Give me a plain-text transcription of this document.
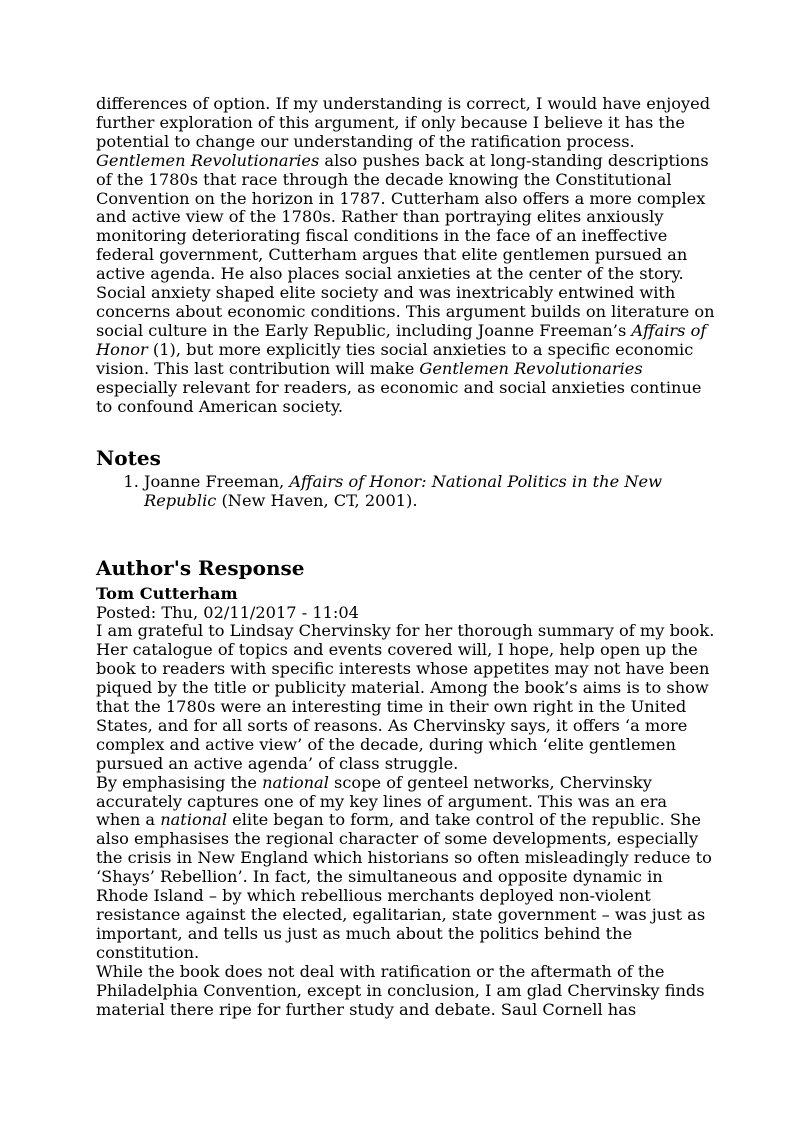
differences of option. If my understanding is correct, I would have enjoyed further exploration of this argument, if only because I believe it has the potential to change our understanding of the ratification process. Gentlemen Revolutionaries also pushes back at long-standing descriptions of the 1780s that race through the decade knowing the Constitutional Convention on the horizon in 1787. Cutterham also offers a more complex and active view of the 1780s. Rather than portraying elites anxiously monitoring deteriorating fiscal conditions in the face of an ineffective federal government, Cutterham argues that elite gentlemen pursued an active agenda. He also places social anxieties at the center of the story. Social anxiety shaped elite society and was inextricably entwined with concerns about economic conditions. This argument builds on literature on social culture in the Early Republic, including Joanne Freeman’s Affairs of Honor (1), but more explicitly ties social anxieties to a specific economic vision. This last contribution will make Gentlemen Revolutionaries especially relevant for readers, as economic and social anxieties continue to confound American society.

Notes
1. Joanne Freeman, Affairs of Honor: National Politics in the New Republic (New Haven, CT, 2001).
Author's Response
Tom Cutterham
Posted: Thu, 02/11/2017 - 11:04

I am grateful to Lindsay Chervinsky for her thorough summary of my book. Her catalogue of topics and events covered will, I hope, help open up the book to readers with specific interests whose appetites may not have been piqued by the title or publicity material. Among the book’s aims is to show that the 1780s were an interesting time in their own right in the United States, and for all sorts of reasons. As Chervinsky says, it offers ‘a more complex and active view’ of the decade, during which ‘elite gentlemen pursued an active agenda’ of class struggle.

By emphasising the national scope of genteel networks, Chervinsky accurately captures one of my key lines of argument. This was an era when a national elite began to form, and take control of the republic. She also emphasises the regional character of some developments, especially the crisis in New England which historians so often misleadingly reduce to ‘Shays’ Rebellion’. In fact, the simultaneous and opposite dynamic in Rhode Island – by which rebellious merchants deployed non-violent resistance against the elected, egalitarian, state government – was just as important, and tells us just as much about the politics behind the constitution.

While the book does not deal with ratification or the aftermath of the Philadelphia Convention, except in conclusion, I am glad Chervinsky finds material there ripe for further study and debate. Saul Cornell has
